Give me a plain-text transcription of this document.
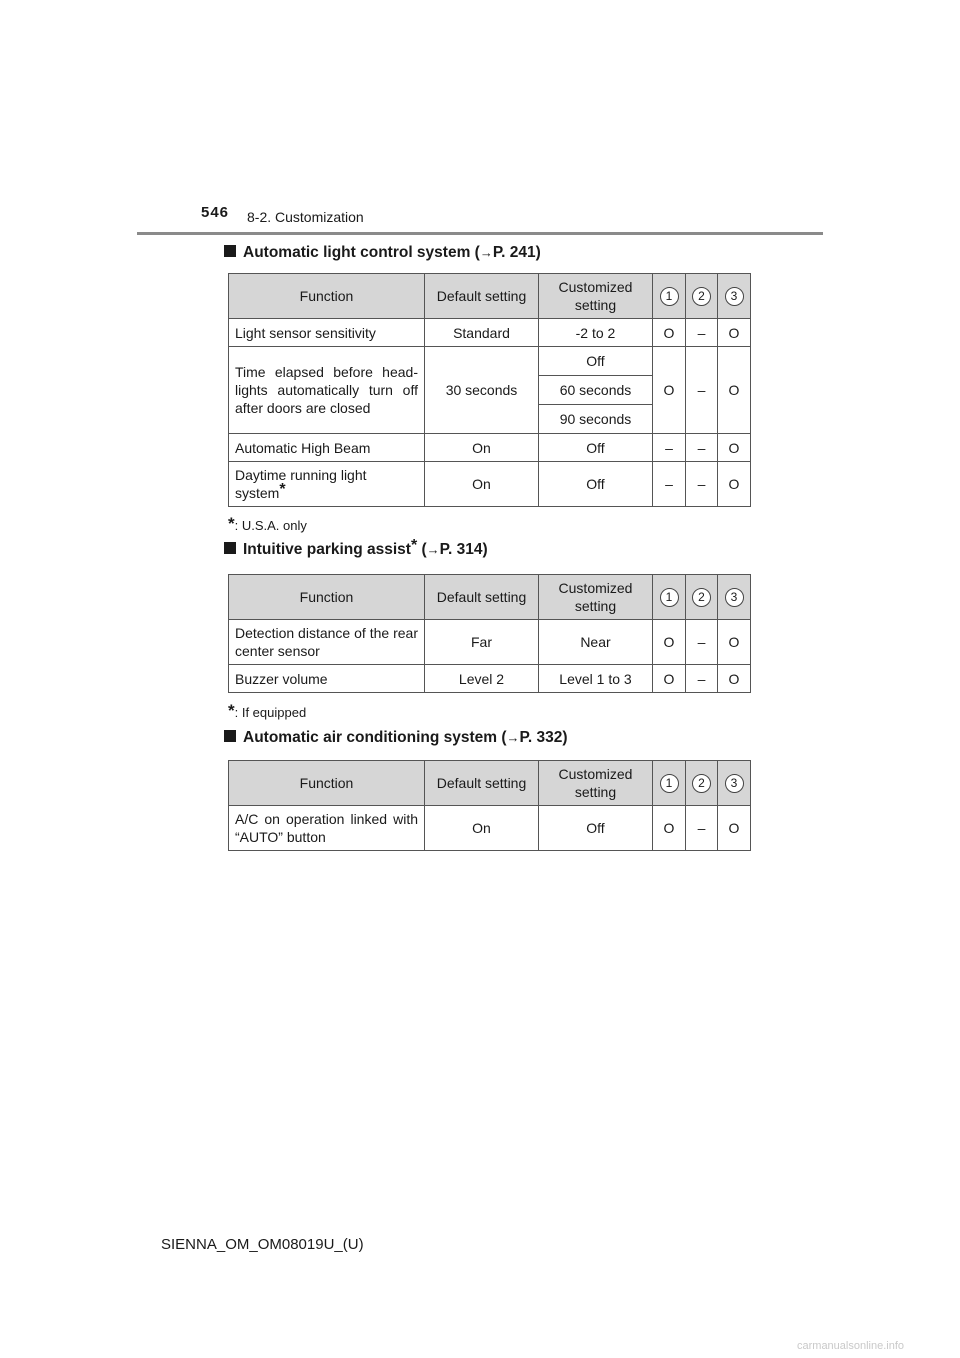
546 8-2. Customization
Automatic light control system (→P. 241)
Function	Default setting	Customized setting	1	2	3
Light sensor sensitivity	Standard	-2 to 2	O	–	O
Time elapsed before head-lights automatically turn off after doors are closed	30 seconds	Off	O	–	O
		60 seconds			
		90 seconds			
Automatic High Beam	On	Off	–	–	O
Daytime running light system*	On	Off	–	–	O
*: U.S.A. only
Intuitive parking assist* (→P. 314)
Function	Default setting	Customized setting	1	2	3
Detection distance of the rear center sensor	Far	Near	O	–	O
Buzzer volume	Level 2	Level 1 to 3	O	–	O
*: If equipped
Automatic air conditioning system (→P. 332)
Function	Default setting	Customized setting	1	2	3
A/C on operation linked with “AUTO” button	On	Off	O	–	O
SIENNA_OM_OM08019U_(U)
carmanualsonline.info
